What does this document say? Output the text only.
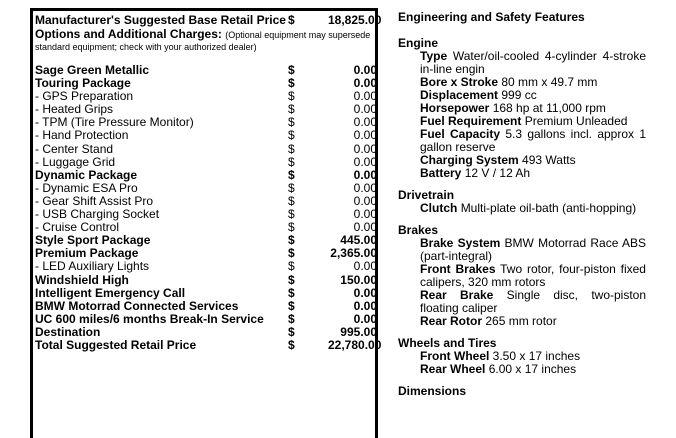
Manufacturer's Suggested Base Retail Price $	18,825.00
Options and Additional Charges: (Optional equipment may supersede
standard equipment; check with your authorized dealer)
Sage Green Metallic	$	0.00
Touring Package	$	0.00
- GPS Preparation	$	0.00
- Heated Grips	$	0.00
- TPM (Tire Pressure Monitor)	$	0.00
- Hand Protection	$	0.00
- Center Stand	$	0.00
- Luggage Grid	$	0.00
Dynamic Package	$	0.00
- Dynamic ESA Pro	$	0.00
- Gear Shift Assist Pro	$	0.00
- USB Charging Socket	$	0.00
- Cruise Control	$	0.00
Style Sport Package	$	445.00
Premium Package	$	2,365.00
- LED Auxiliary Lights	$	0.00
Windshield High	$	150.00
Intelligent Emergency Call	$	0.00
BMW Motorrad Connected Services	$	0.00
UC 600 miles/6 months Break-In Service	$	0.00
Destination	$	995.00
Total Suggested Retail Price	$	22,780.00
Engineering and Safety Features
Engine
Type Water/oil-cooled 4-cylinder 4-stroke in-line engin
Bore x Stroke 80 mm x 49.7 mm
Displacement 999 cc
Horsepower 168 hp at 11,000 rpm
Fuel Requirement Premium Unleaded
Fuel Capacity 5.3 gallons incl. approx 1 gallon reserve
Charging System 493 Watts
Battery 12 V / 12 Ah
Drivetrain
Clutch Multi-plate oil-bath (anti-hopping)
Brakes
Brake System BMW Motorrad Race ABS (part-integral)
Front Brakes Two rotor, four-piston fixed calipers, 320 mm rotors
Rear Brake Single disc, two-piston floating caliper
Rear Rotor 265 mm rotor
Wheels and Tires
Front Wheel 3.50 x 17 inches
Rear Wheel 6.00 x 17 inches
Dimensions
